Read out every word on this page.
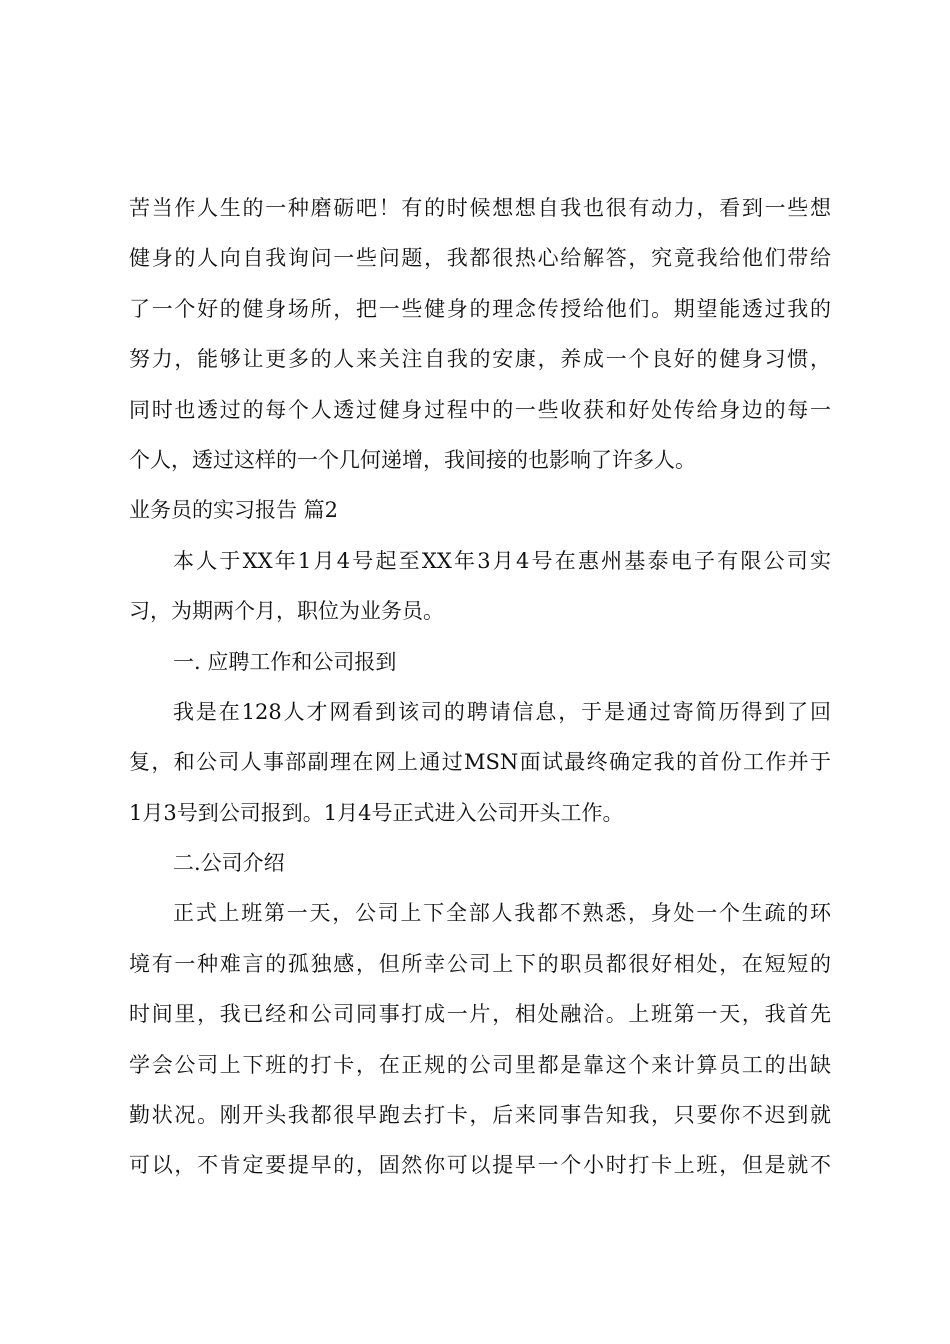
苦当作人生的一种磨砺吧！有的时候想想自我也很有动力，看到一些想
健身的人向自我询问一些问题，我都很热心给解答，究竟我给他们带给
了一个好的健身场所，把一些健身的理念传授给他们。期望能透过我的
努力，能够让更多的人来关注自我的安康，养成一个良好的健身习惯，
同时也透过的每个人透过健身过程中的一些收获和好处传给身边的每一
个人，透过这样的一个几何递增，我间接的也影响了许多人。
业务员的实习报告 篇2
本人于XX年1月4号起至XX年3月4号在惠州基泰电子有限公司实
习，为期两个月，职位为业务员。
一. 应聘工作和公司报到
我是在128人才网看到该司的聘请信息，于是通过寄简历得到了回
复，和公司人事部副理在网上通过MSN面试最终确定我的首份工作并于
1月3号到公司报到。1月4号正式进入公司开头工作。
二.公司介绍
正式上班第一天，公司上下全部人我都不熟悉，身处一个生疏的环
境有一种难言的孤独感，但所幸公司上下的职员都很好相处，在短短的
时间里，我已经和公司同事打成一片，相处融洽。上班第一天，我首先
学会公司上下班的打卡，在正规的公司里都是靠这个来计算员工的出缺
勤状况。刚开头我都很早跑去打卡，后来同事告知我，只要你不迟到就
可以，不肯定要提早的，固然你可以提早一个小时打卡上班，但是就不
